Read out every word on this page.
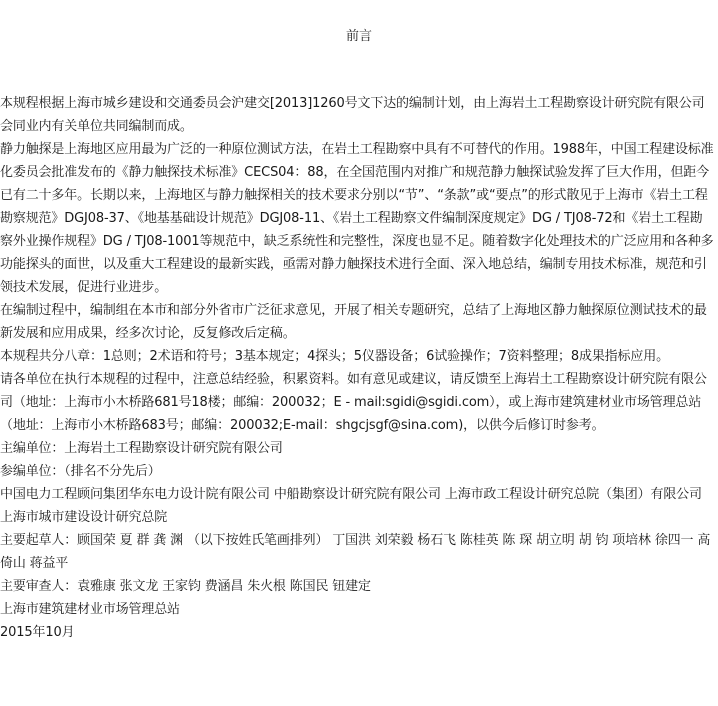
前言

本规程根据上海市城乡建设和交通委员会沪建交[2013]1260号文下达的编制计划，由上海岩土工程勘察设计研究院有限公司会同业内有关单位共同编制而成。

静力触探是上海地区应用最为广泛的一种原位测试方法，在岩土工程勘察中具有不可替代的作用。1988年，中国工程建设标准化委员会批准发布的《静力触探技术标准》CECS04：88，在全国范围内对推广和规范静力触探试验发挥了巨大作用，但距今已有二十多年。长期以来，上海地区与静力触探相关的技术要求分别以“节”、“条款”或“要点”的形式散见于上海市《岩土工程勘察规范》DGJ08-37、《地基基础设计规范》DGJ08-11、《岩土工程勘察文件编制深度规定》DG / TJ08-72和《岩土工程勘察外业操作规程》DG / TJ08-1001等规范中，缺乏系统性和完整性，深度也显不足。随着数字化处理技术的广泛应用和各种多功能探头的面世，以及重大工程建设的最新实践，亟需对静力触探技术进行全面、深入地总结，编制专用技术标准，规范和引领技术发展，促进行业进步。

在编制过程中，编制组在本市和部分外省市广泛征求意见，开展了相关专题研究，总结了上海地区静力触探原位测试技术的最新发展和应用成果，经多次讨论，反复修改后定稿。

本规程共分八章：1总则；2术语和符号；3基本规定；4探头；5仪器设备；6试验操作；7资料整理；8成果指标应用。

请各单位在执行本规程的过程中，注意总结经验，积累资料。如有意见或建议，请反馈至上海岩土工程勘察设计研究院有限公司（地址：上海市小木桥路681号18楼；邮编：200032；E - mail:sgidi@sgidi.com），或上海市建筑建材业市场管理总站（地址：上海市小木桥路683号；邮编：200032;E-mail：shgcjsgf@sina.com)，以供今后修订时参考。

主编单位：上海岩土工程勘察设计研究院有限公司

参编单位：（排名不分先后）

中国电力工程顾问集团华东电力设计院有限公司 中船勘察设计研究院有限公司 上海市政工程设计研究总院（集团）有限公司

上海市城市建设设计研究总院

主要起草人：顾国荣 夏 群 龚 渊 （以下按姓氏笔画排列） 丁国洪 刘荣毅 杨石飞 陈桂英 陈 琛 胡立明 胡 钧 项培林 徐四一 高倚山 蒋益平

主要审查人：袁雅康 张文龙 王家钧 费涵昌 朱火根 陈国民 钮建定

上海市建筑建材业市场管理总站

2015年10月
